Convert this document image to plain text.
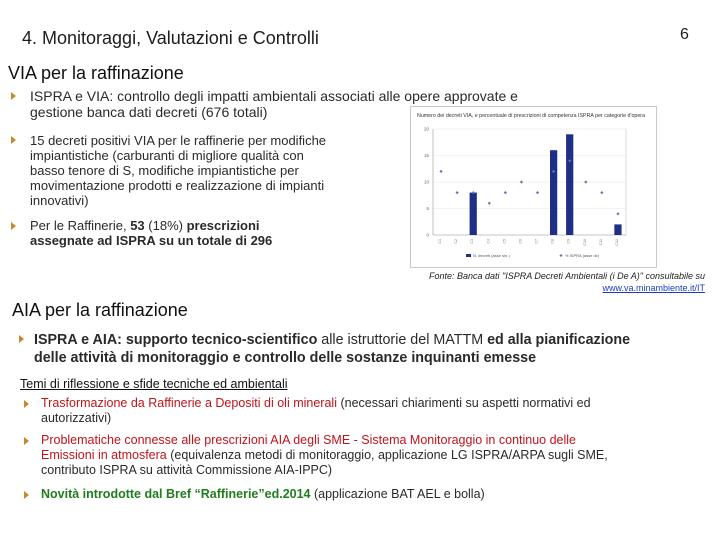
4. Monitoraggi, Valutazioni e Controlli	6
VIA per la raffinazione
ISPRA e VIA: controllo degli impatti ambientali associati alle opere approvate e
gestione banca dati decreti (676 totali)
15 decreti positivi VIA per le raffinerie per modifiche
impiantistiche (carburanti di migliore qualità con
basso tenore di S, modifiche impiantistiche per
movimentazione prodotti e realizzazione di impianti
innovativi)
Per le Raffinerie, 53 (18%) prescrizioni
assegnate ad ISPRA su un totale di 296
Numero dei decreti VIA, e percentuale di prescrizioni di competenza ISPRA per categorie d'opera
0
5
10
15
20
C1	C2	C3	C4	C5	C6	C7	C8	C9	C10	C11	C12
N. decreti (asse sin.)	% ISPRA (asse dx)
Fonte: Banca dati "ISPRA Decreti Ambientali (i De A)" consultabile su
www.va.minambiente.it/IT
AIA per la raffinazione
ISPRA e AIA: supporto tecnico-scientifico alle istruttorie del MATTM ed alla pianificazione
delle attività di monitoraggio e controllo delle sostanze inquinanti emesse
Temi di riflessione e sfide tecniche ed ambientali
Trasformazione da Raffinerie a Depositi di oli minerali (necessari chiarimenti su aspetti normativi ed
autorizzativi)
Problematiche connesse alle prescrizioni AIA degli SME - Sistema Monitoraggio in continuo delle
Emissioni in atmosfera (equivalenza metodi di monitoraggio, applicazione LG ISPRA/ARPA sugli SME,
contributo ISPRA su attività Commissione AIA-IPPC)
Novità introdotte dal Bref “Raffinerie”ed.2014 (applicazione BAT AEL e bolla)
